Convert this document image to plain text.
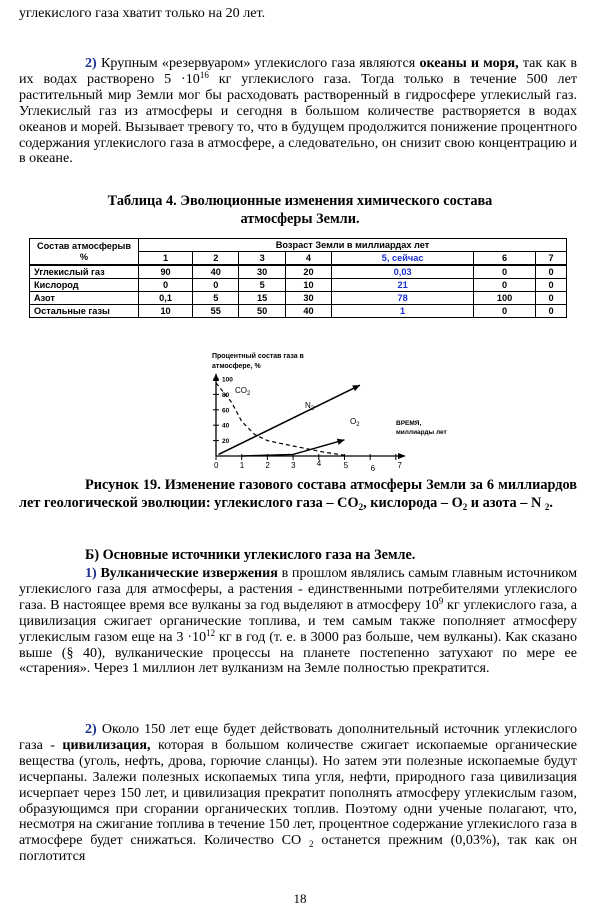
углекислого газа хватит только на 20 лет.

2) Крупным «резервуаром» углекислого газа являются океаны и моря, так как в их водах растворено $5 \cdot 10^{16}$ кг углекислого газа. Тогда только в течение 500 лет растительный мир Земли мог бы расходовать растворенный в гидросфере углекислый газ. Углекислый газ из атмосферы и сегодня в большом количестве растворяется в водах океанов и морей. Вызывает тревогу то, что в будущем продолжится понижение процентного содержания углекислого газа в атмосфере, а следовательно, он снизит свою концентрацию и в океане.

Таблица 4. Эволюционные изменения химического состава
атмосферы Земли.
Состав атмосферыв %	Возраст Земли в миллиардах лет						
	1	2	3	4	5, сейчас	6	7
Углекислый газ	90	40	30	20	0,03	0	0
Кислород	0	0	5	10	21	0	0
Азот	0,1	5	15	30	78	100	0
Остальные газы	10	55	50	40	1	0	0
Процентный состав газа в
атмосфере, %
20
40
60
80
100
0	1	2	3	4	5	6	7
$CO_2$
$N_2$
$O_2$	ВРЕМЯ,
миллиарды лет
Рисунок 19. Изменение газового состава атмосферы Земли за 6 миллиардов лет геологической эволюции: углекислого газа – $СО_2$, кислорода – $О_2$ и азота – N $_2$.
Б) Основные источники углекислого газа на Земле.

1) Вулканические извержения в прошлом являлись самым главным источником углекислого газа для атмосферы, а растения - единственными потребителями углекислого газа. В настоящее время все вулканы за год выделяют в атмосферу $10^9$ кг углекислого газа, а цивилизация сжигает органические топлива, и тем самым также пополняет атмосферу углекислым газом еще на $3 \cdot 10^{12}$ кг в год (т. е. в 3000 раз больше, чем вулканы). Как сказано выше (§ 40), вулканические процессы на планете постепенно затухают по мере ее «старения». Через 1 миллион лет вулканизм на Земле полностью прекратится.

2) Около 150 лет еще будет действовать дополнительный источник углекислого газа - цивилизация, которая в большом количестве сжигает ископаемые органические вещества (уголь, нефть, дрова, горючие сланцы). Но затем эти полезные ископаемые будут исчерпаны. Залежи полезных ископаемых типа угля, нефти, природного газа цивилизация исчерпает через 150 лет, и цивилизация прекратит пополнять атмосферу углекислым газом, образующимся при сгорании органических топлив. Поэтому одни ученые полагают, что, несмотря на сжигание топлива в течение 150 лет, процентное содержание углекислого газа в атмосфере будет снижаться. Количество СО $_2$ останется прежним (0,03%), так как он поглотится

18
